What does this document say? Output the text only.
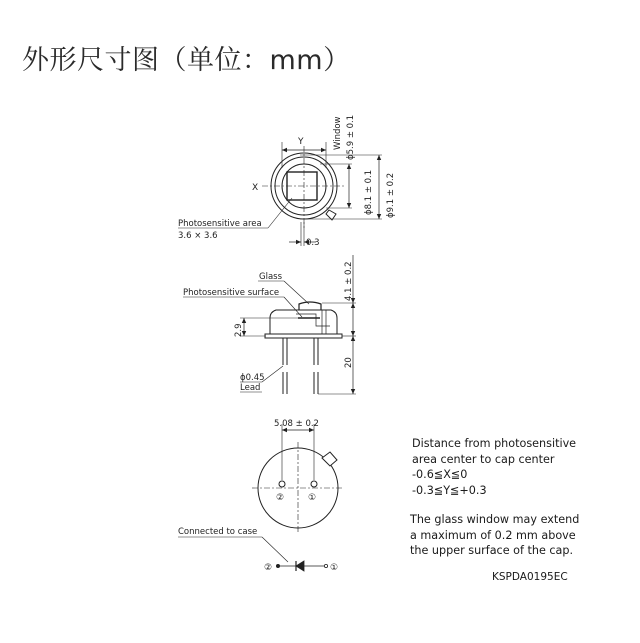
外形尺寸图（单位：mm）
Y
X
Window ϕ5.9 ± 0.1
ϕ8.1 ± 0.1 ϕ9.1 ± 0.2
Photosensitive area
3.6 × 3.6
0.3
Glass
Photosensitive surface	4.1 ± 0.2
2.9
20
ϕ0.45
Lead
5.08 ± 0.2
②	①
Connected to case
②	①
Distance from photosensitive
area center to cap center
-0.6≦X≦0
-0.3≦Y≦+0.3
The glass window may extend
a maximum of 0.2 mm above
the upper surface of the cap.
KSPDA0195EC
